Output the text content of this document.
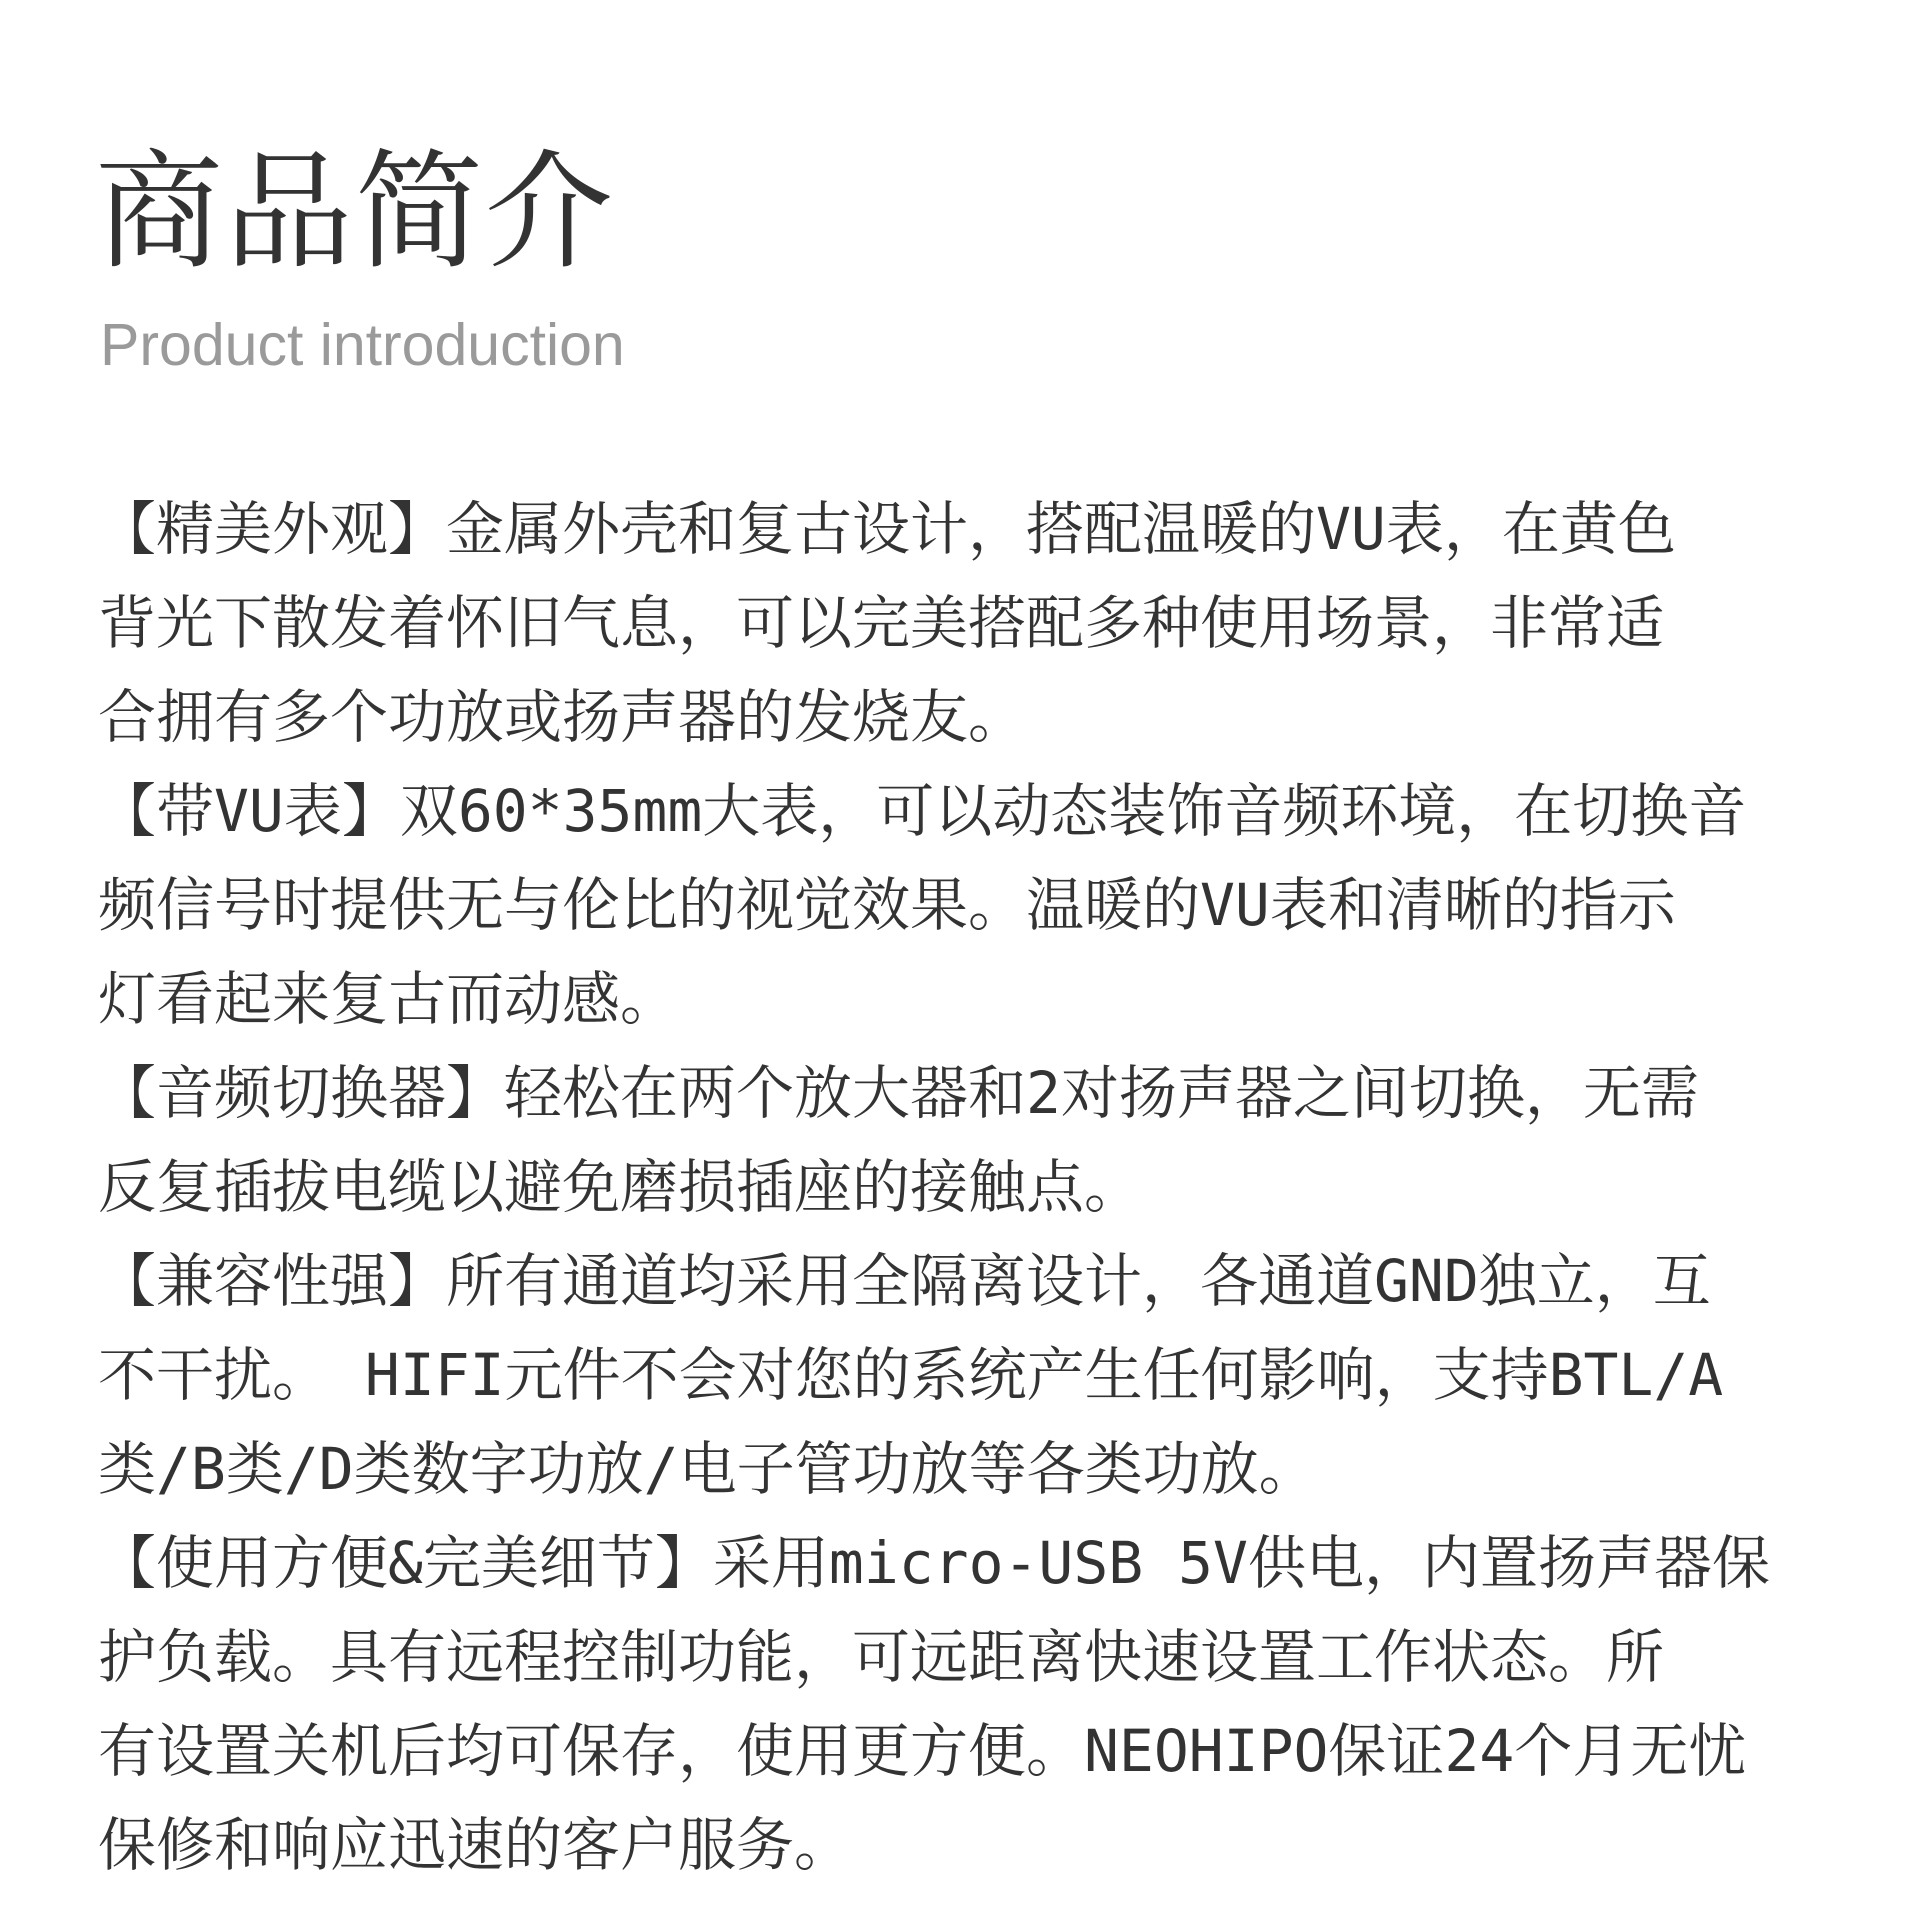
商品简介
Product introduction
【精美外观】金属外壳和复古设计，搭配温暖的VU表，在黄色
背光下散发着怀旧气息，可以完美搭配多种使用场景，非常适
合拥有多个功放或扬声器的发烧友。
【带VU表】双60*35mm大表，可以动态装饰音频环境，在切换音
频信号时提供无与伦比的视觉效果。温暖的VU表和清晰的指示
灯看起来复古而动感。
【音频切换器】轻松在两个放大器和2对扬声器之间切换，无需
反复插拔电缆以避免磨损插座的接触点。
【兼容性强】所有通道均采用全隔离设计，各通道GND独立，互
不干扰。 HIFI元件不会对您的系统产生任何影响，支持BTL/A
类/B类/D类数字功放/电子管功放等各类功放。
【使用方便&完美细节】采用micro-USB 5V供电，内置扬声器保
护负载。具有远程控制功能，可远距离快速设置工作状态。所
有设置关机后均可保存，使用更方便。NEOHIPO保证24个月无忧
保修和响应迅速的客户服务。
